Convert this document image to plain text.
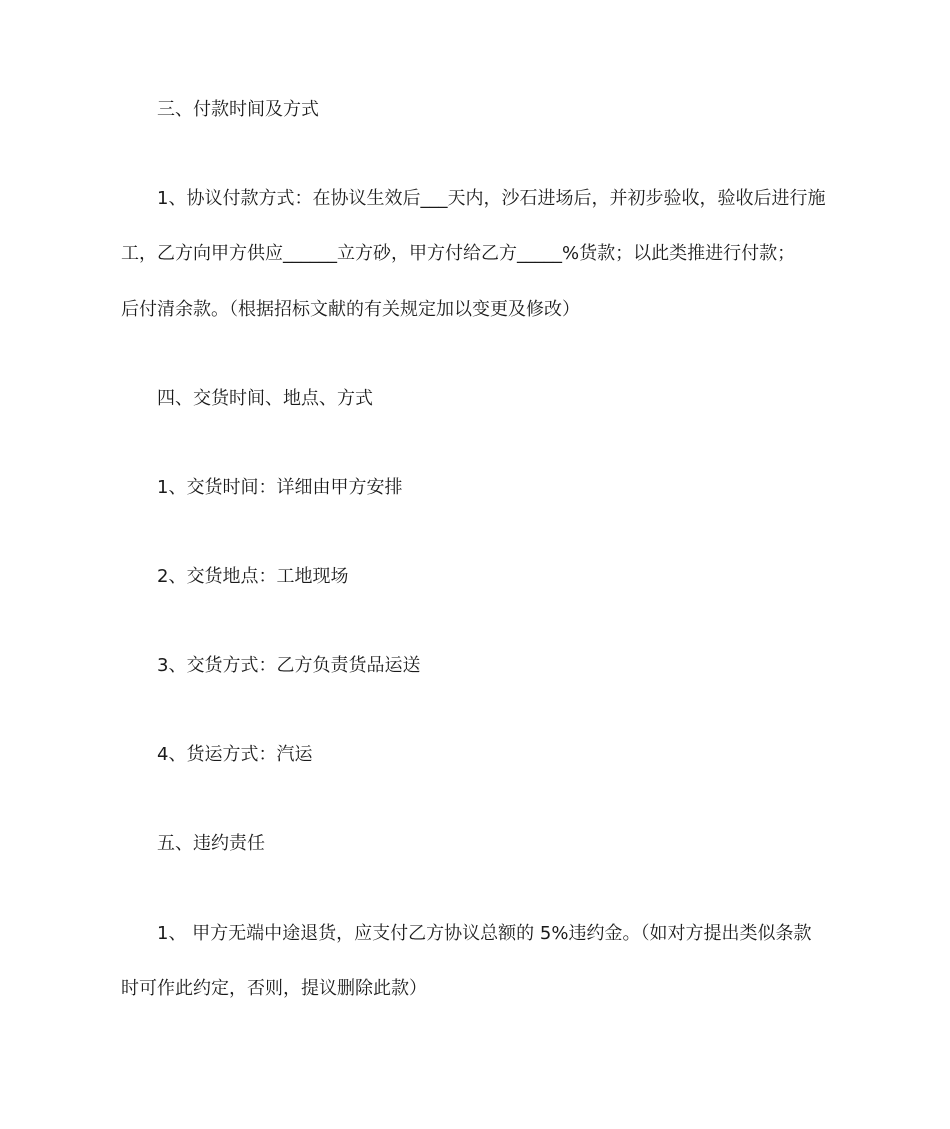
三、付款时间及方式
1、协议付款方式：在协议生效后___天内，沙石进场后，并初步验收，验收后进行施
工，乙方向甲方供应______立方砂，甲方付给乙方_____%货款；以此类推进行付款；
后付清余款。（根据招标文献的有关规定加以变更及修改）
四、交货时间、地点、方式
1、交货时间：详细由甲方安排
2、交货地点：工地现场
3、交货方式：乙方负责货品运送
4、货运方式：汽运
五、违约责任
1、 甲方无端中途退货，应支付乙方协议总额的 5%违约金。（如对方提出类似条款
时可作此约定，否则，提议删除此款）
